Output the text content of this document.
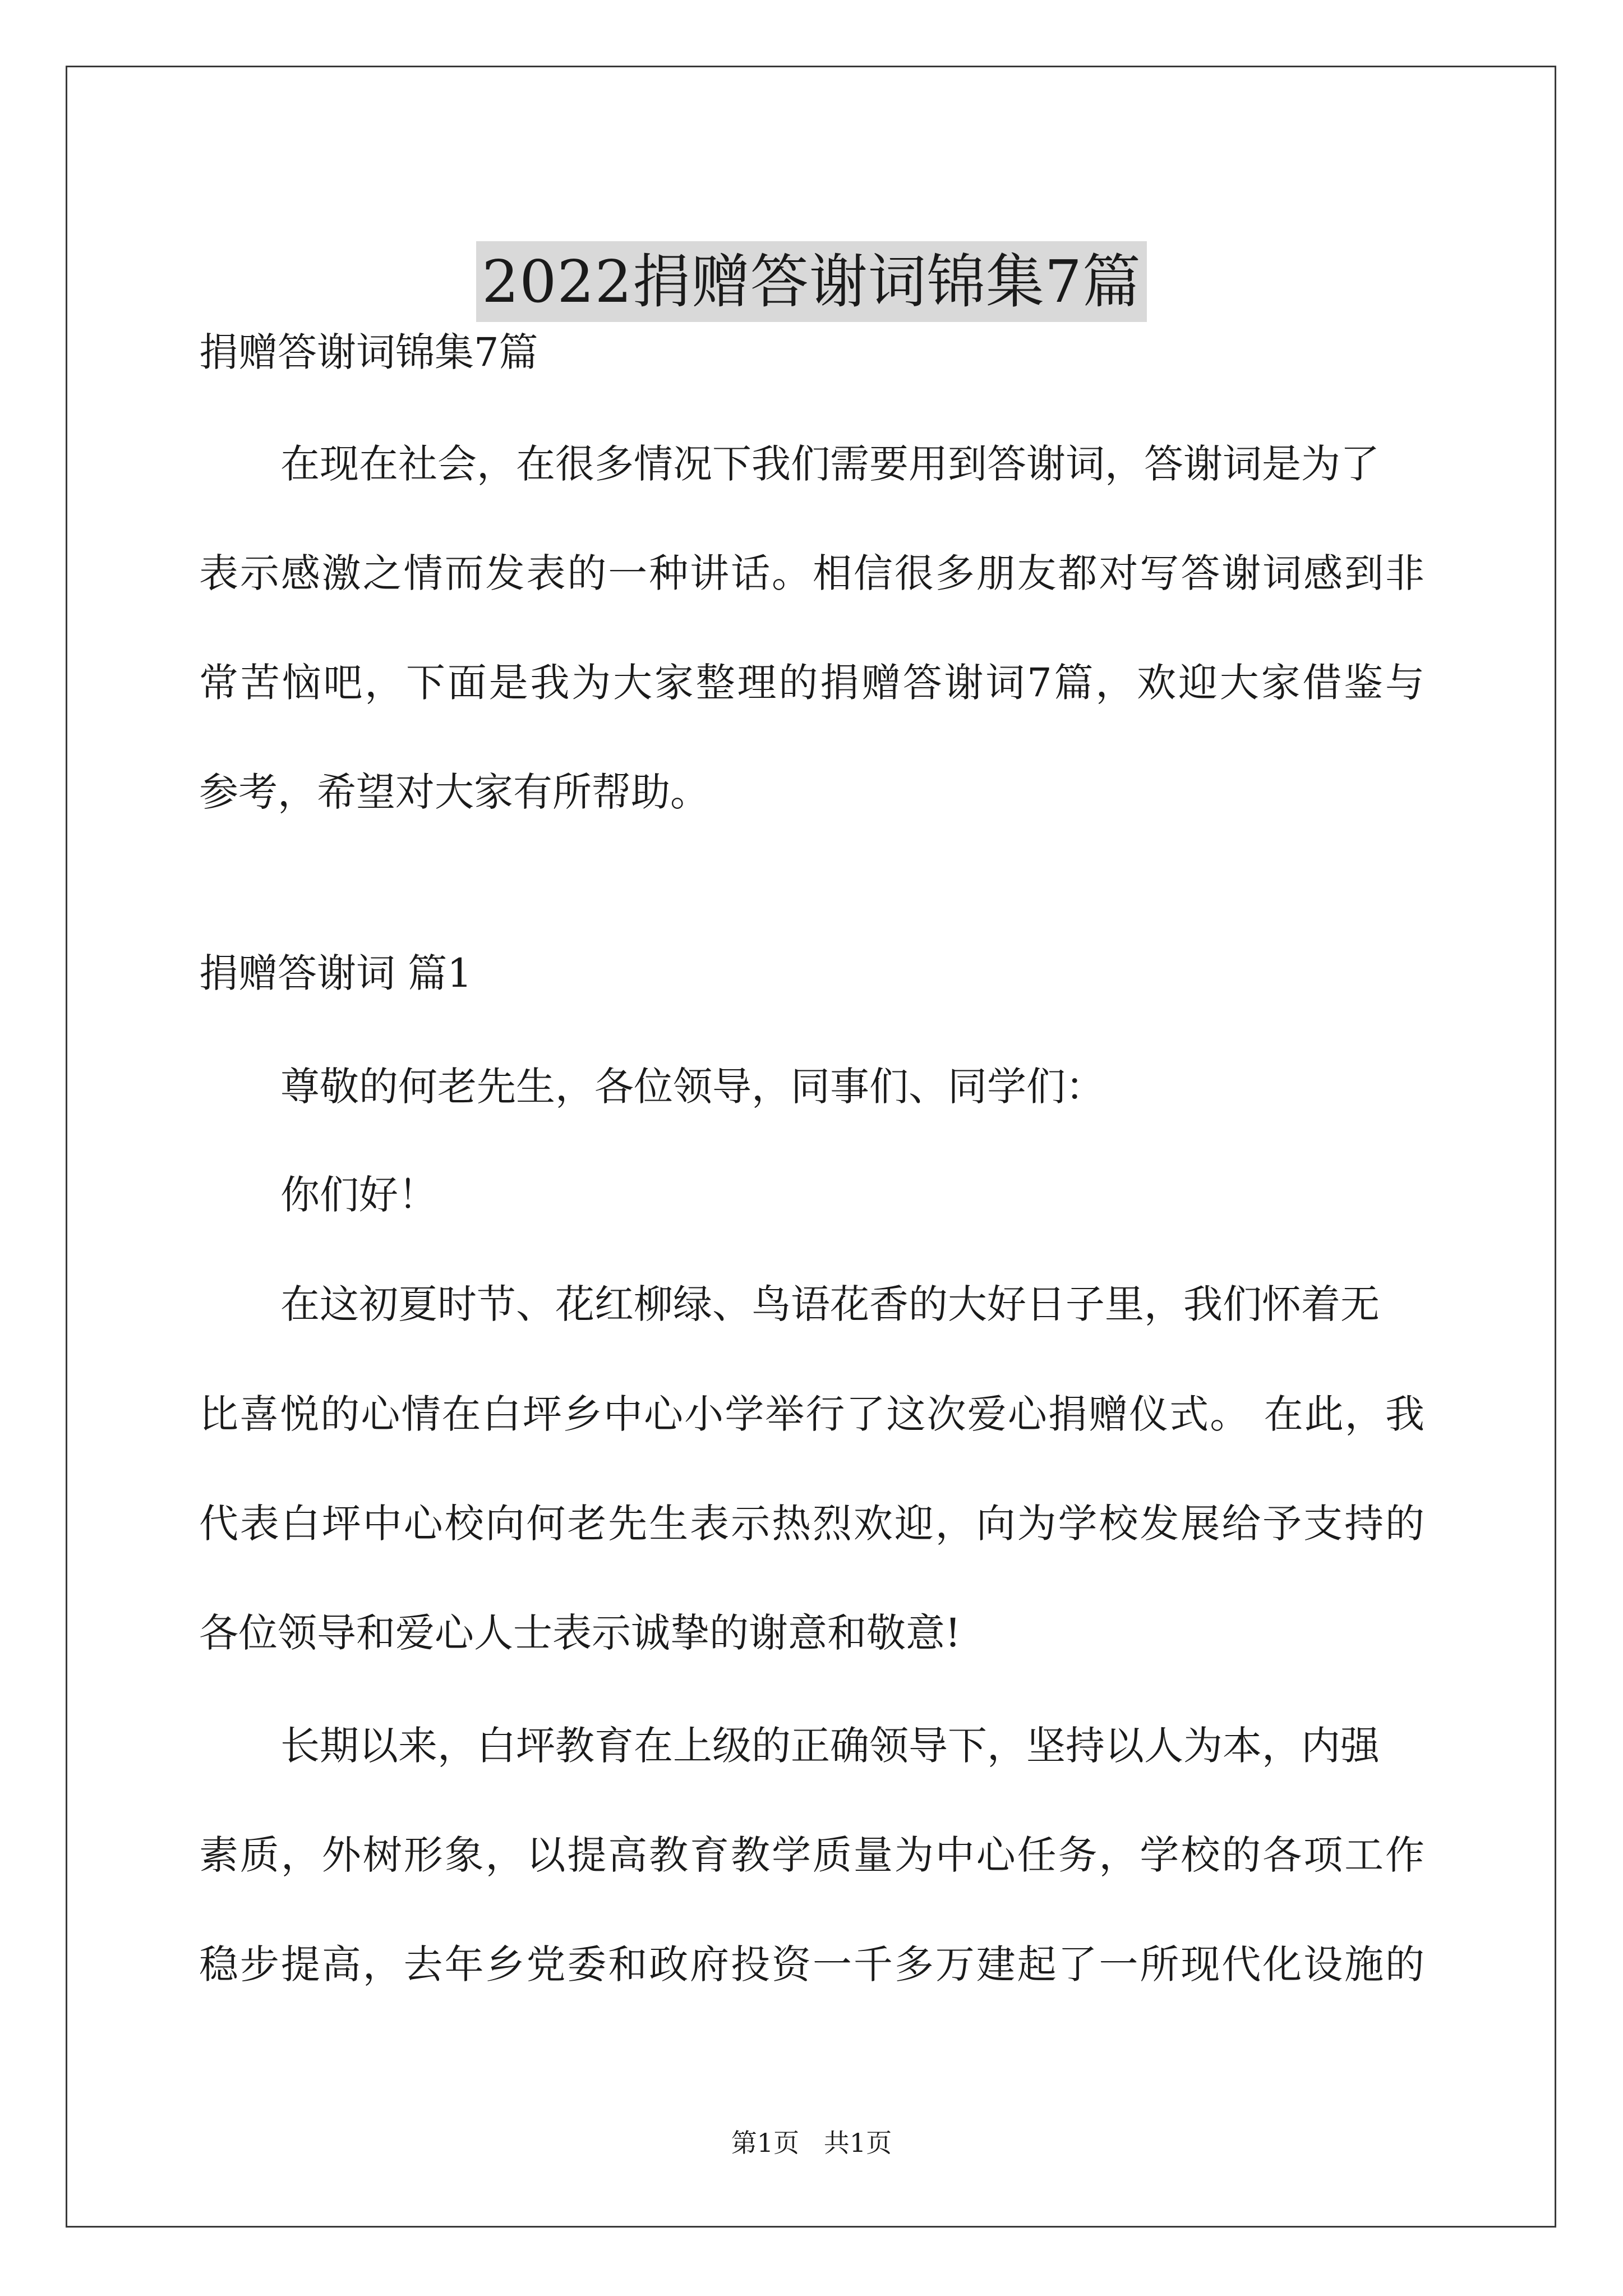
2022捐赠答谢词锦集7篇
捐赠答谢词锦集7篇
在现在社会，在很多情况下我们需要用到答谢词，答谢词是为了
表示感激之情而发表的一种讲话。相信很多朋友都对写答谢词感到非
常苦恼吧，下面是我为大家整理的捐赠答谢词7篇，欢迎大家借鉴与
参考，希望对大家有所帮助。
捐赠答谢词 篇1
尊敬的何老先生，各位领导，同事们、同学们：
你们好！
在这初夏时节、花红柳绿、鸟语花香的大好日子里，我们怀着无
比喜悦的心情在白坪乡中心小学举行了这次爱心捐赠仪式。 在此，我
代表白坪中心校向何老先生表示热烈欢迎，向为学校发展给予支持的
各位领导和爱心人士表示诚挚的谢意和敬意!
长期以来，白坪教育在上级的正确领导下，坚持以人为本，内强
素质，外树形象，以提高教育教学质量为中心任务，学校的各项工作
稳步提高，去年乡党委和政府投资一千多万建起了一所现代化设施的
第1页   共1页
